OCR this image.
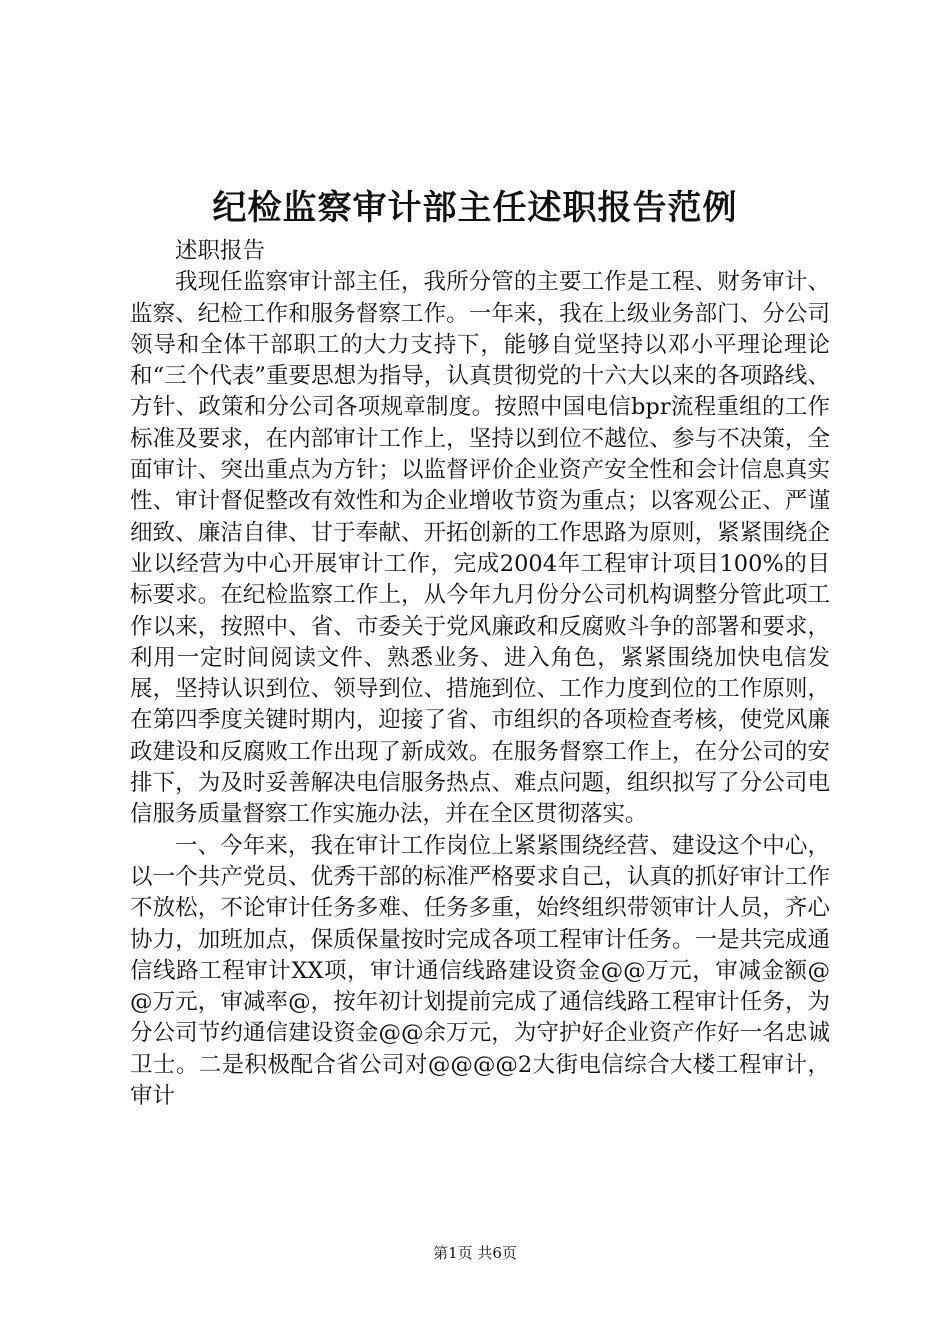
纪检监察审计部主任述职报告范例

述职报告

我现任监察审计部主任，我所分管的主要工作是工程、财务审计、监察、纪检工作和服务督察工作。一年来，我在上级业务部门、分公司领导和全体干部职工的大力支持下，能够自觉坚持以邓小平理论理论和“三个代表”重要思想为指导，认真贯彻党的十六大以来的各项路线、方针、政策和分公司各项规章制度。按照中国电信bpr流程重组的工作标准及要求，在内部审计工作上，坚持以到位不越位、参与不决策，全面审计、突出重点为方针；以监督评价企业资产安全性和会计信息真实性、审计督促整改有效性和为企业增收节资为重点；以客观公正、严谨细致、廉洁自律、甘于奉献、开拓创新的工作思路为原则，紧紧围绕企业以经营为中心开展审计工作，完成2004年工程审计项目100%的目标要求。在纪检监察工作上，从今年九月份分公司机构调整分管此项工作以来，按照中、省、市委关于党风廉政和反腐败斗争的部署和要求，利用一定时间阅读文件、熟悉业务、进入角色，紧紧围绕加快电信发展，坚持认识到位、领导到位、措施到位、工作力度到位的工作原则，在第四季度关键时期内，迎接了省、市组织的各项检查考核，使党风廉政建设和反腐败工作出现了新成效。在服务督察工作上，在分公司的安排下，为及时妥善解决电信服务热点、难点问题，组织拟写了分公司电信服务质量督察工作实施办法，并在全区贯彻落实。

一、今年来，我在审计工作岗位上紧紧围绕经营、建设这个中心，以一个共产党员、优秀干部的标准严格要求自己，认真的抓好审计工作不放松，不论审计任务多难、任务多重，始终组织带领审计人员，齐心协力，加班加点，保质保量按时完成各项工程审计任务。一是共完成通信线路工程审计XX项，审计通信线路建设资金@@万元，审减金额@@万元，审减率@，按年初计划提前完成了通信线路工程审计任务，为分公司节约通信建设资金@@余万元，为守护好企业资产作好一名忠诚卫士。二是积极配合省公司对@@@@2大街电信综合大楼工程审计，审计

第1页 共6页
